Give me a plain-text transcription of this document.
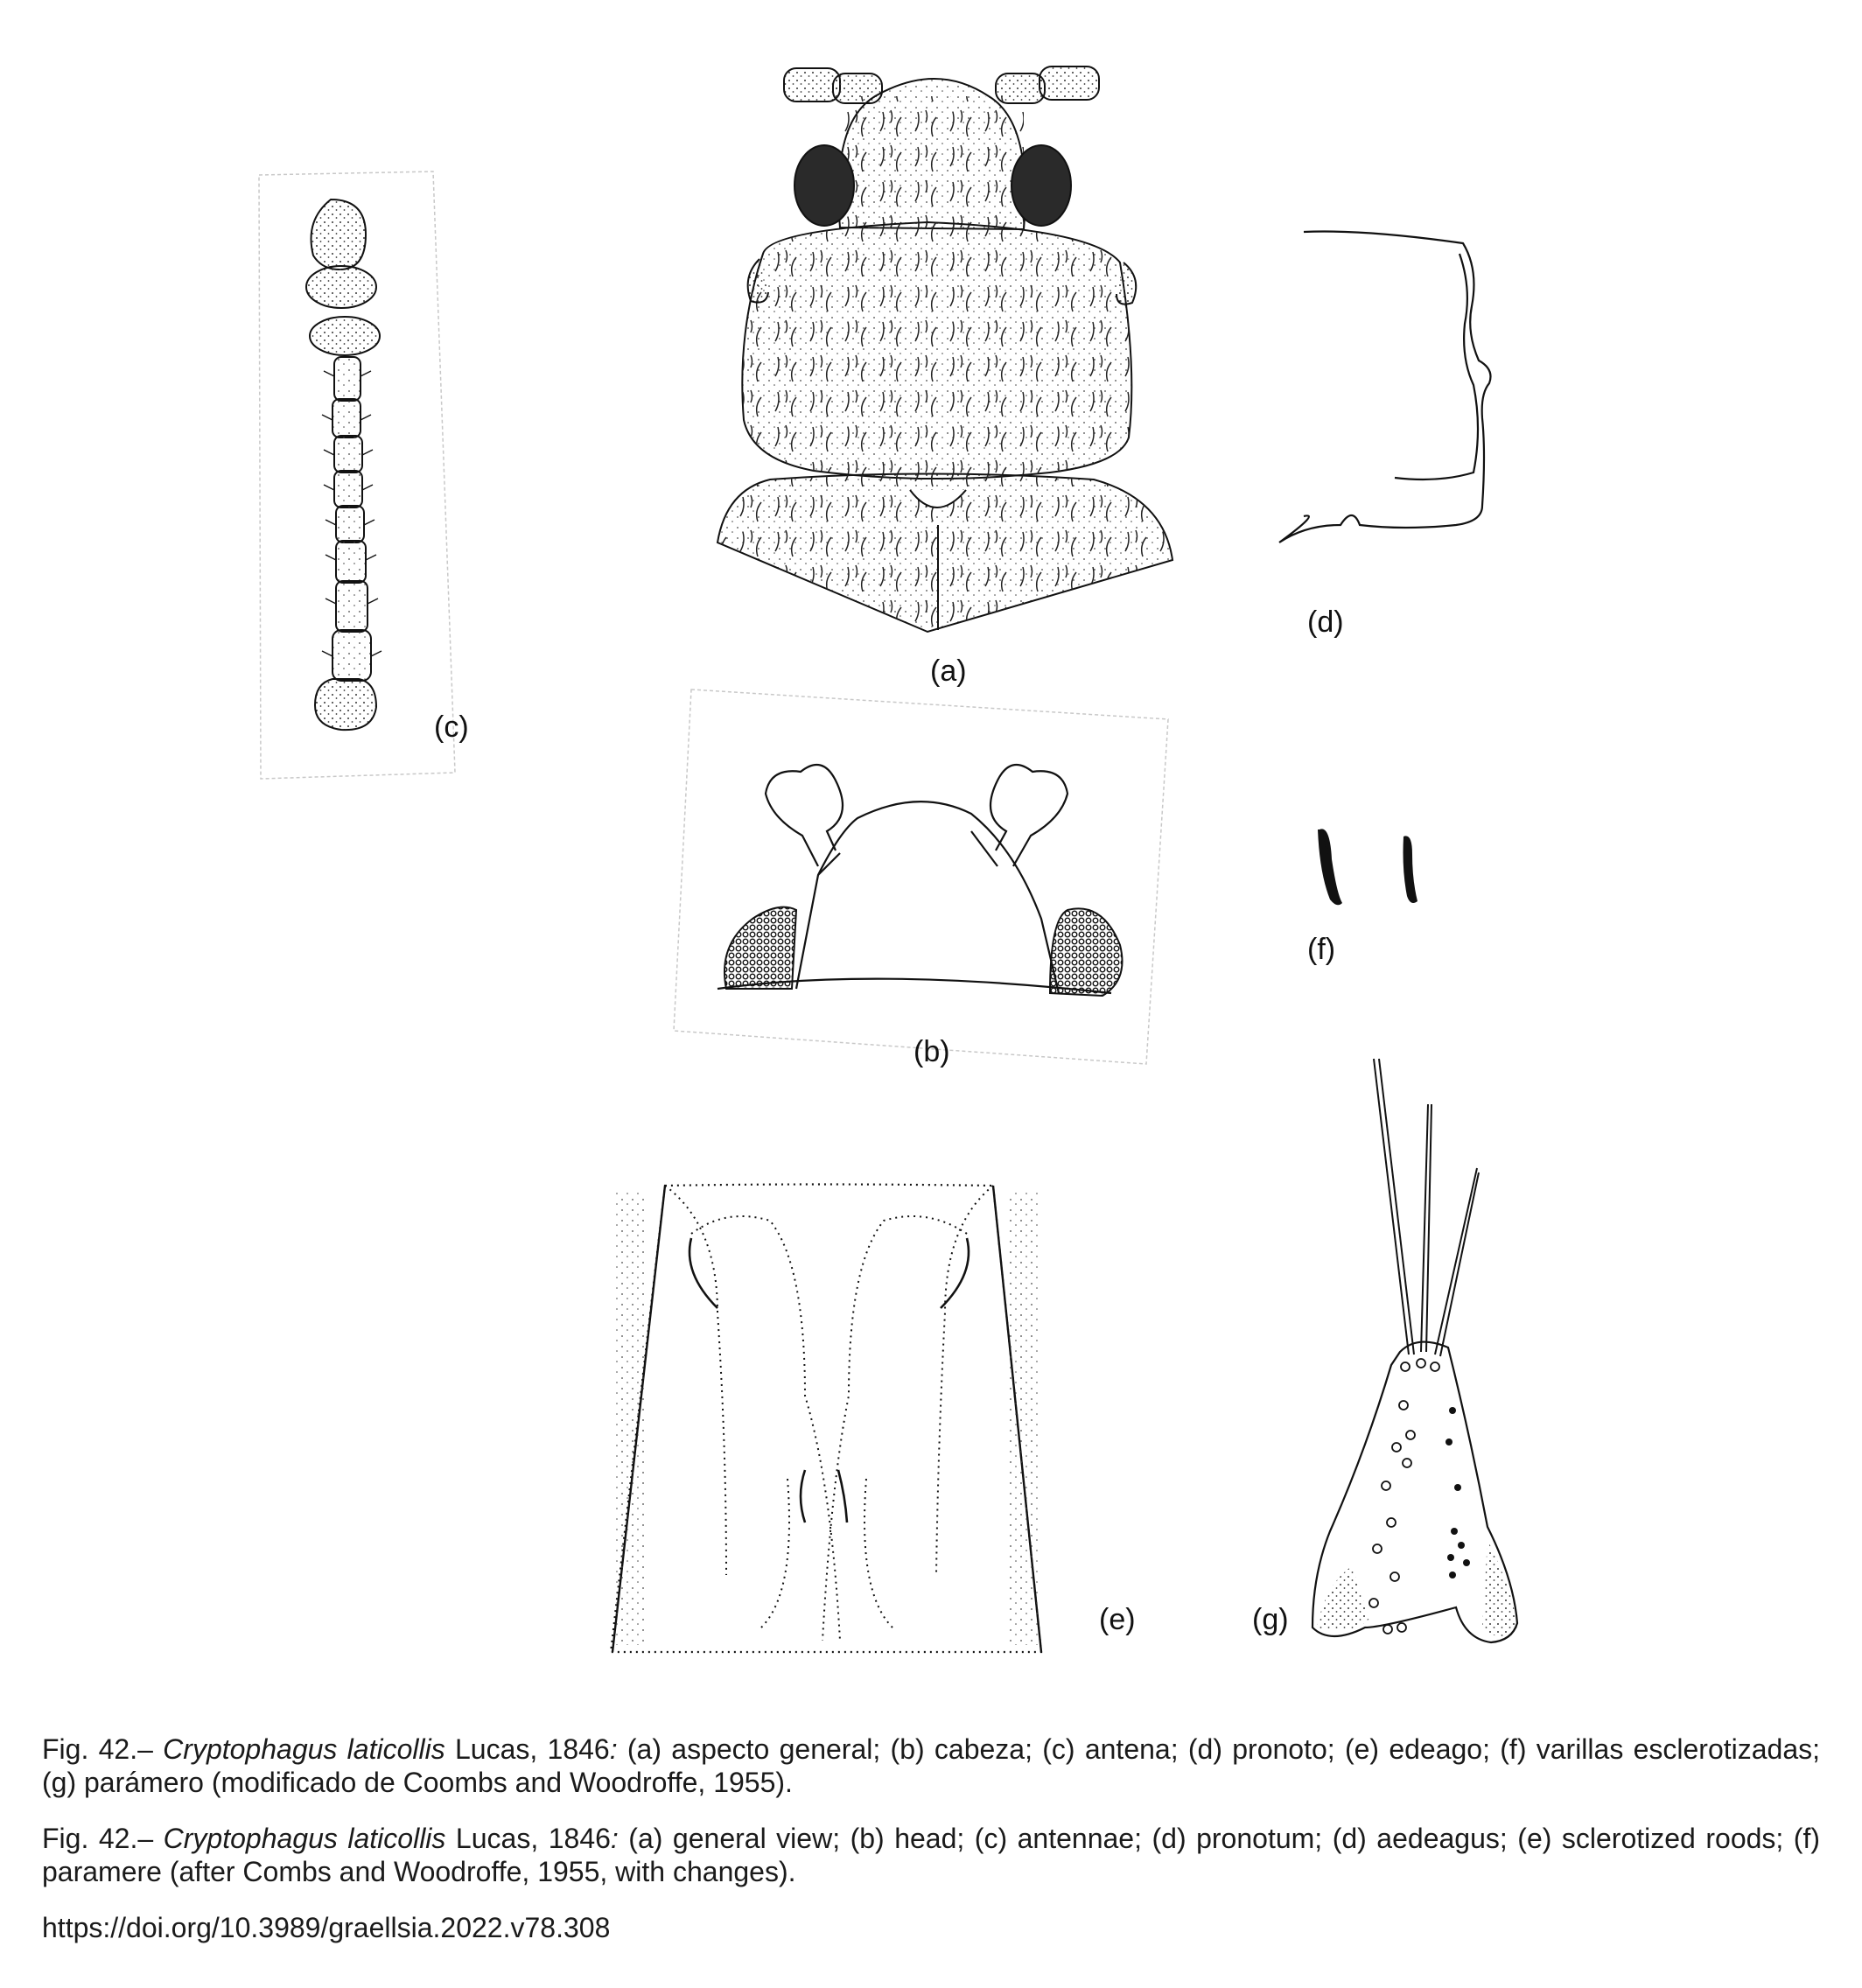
(a)
(b)
(c)
(d)
(e)
(f)
(g)
Fig. 42.– Cryptophagus laticollis Lucas, 1846: (a) aspecto general; (b) cabeza; (c) antena; (d) pronoto; (e) edeago; (f) varillas esclerotizadas; (g) parámero (modificado de Coombs and Woodroffe, 1955).
Fig. 42.– Cryptophagus laticollis Lucas, 1846: (a) general view; (b) head; (c) antennae; (d) pronotum; (d) aedeagus; (e) sclerotized roods; (f) paramere (after Combs and Woodroffe, 1955, with changes).
https://doi.org/10.3989/graellsia.2022.v78.308
